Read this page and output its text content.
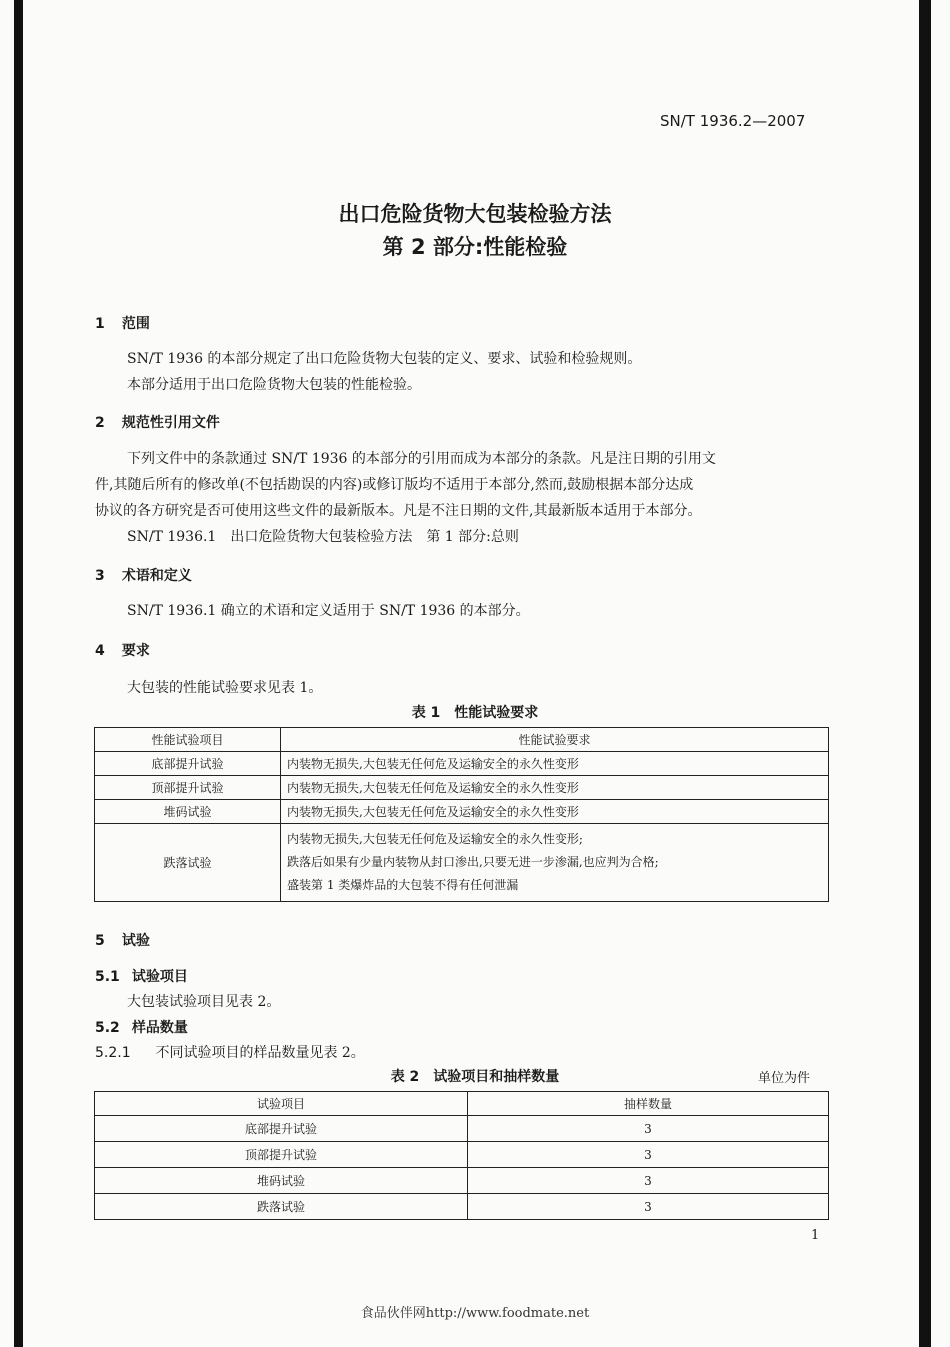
SN/T 1936.2—2007
出口危险货物大包装检验方法
第 2 部分:性能检验
1 范围
SN/T 1936 的本部分规定了出口危险货物大包装的定义、要求、试验和检验规则。
本部分适用于出口危险货物大包装的性能检验。
2 规范性引用文件
下列文件中的条款通过 SN/T 1936 的本部分的引用而成为本部分的条款。凡是注日期的引用文
件,其随后所有的修改单(不包括勘误的内容)或修订版均不适用于本部分,然而,鼓励根据本部分达成
协议的各方研究是否可使用这些文件的最新版本。凡是不注日期的文件,其最新版本适用于本部分。
SN/T 1936.1　出口危险货物大包装检验方法　第 1 部分:总则
3 术语和定义
SN/T 1936.1 确立的术语和定义适用于 SN/T 1936 的本部分。
4 要求
大包装的性能试验要求见表 1。
表 1　性能试验要求
性能试验项目	性能试验要求
底部提升试验	内装物无损失,大包装无任何危及运输安全的永久性变形
顶部提升试验	内装物无损失,大包装无任何危及运输安全的永久性变形
堆码试验	内装物无损失,大包装无任何危及运输安全的永久性变形
跌落试验	内装物无损失,大包装无任何危及运输安全的永久性变形;
跌落后如果有少量内装物从封口渗出,只要无进一步渗漏,也应判为合格;
盛装第 1 类爆炸品的大包装不得有任何泄漏
5 试验
5.1 试验项目
大包装试验项目见表 2。
5.2 样品数量
5.2.1 不同试验项目的样品数量见表 2。
表 2　试验项目和抽样数量	单位为件
试验项目	抽样数量
底部提升试验	3
顶部提升试验	3
堆码试验	3
跌落试验	3
1
食品伙伴网http://www.foodmate.net
